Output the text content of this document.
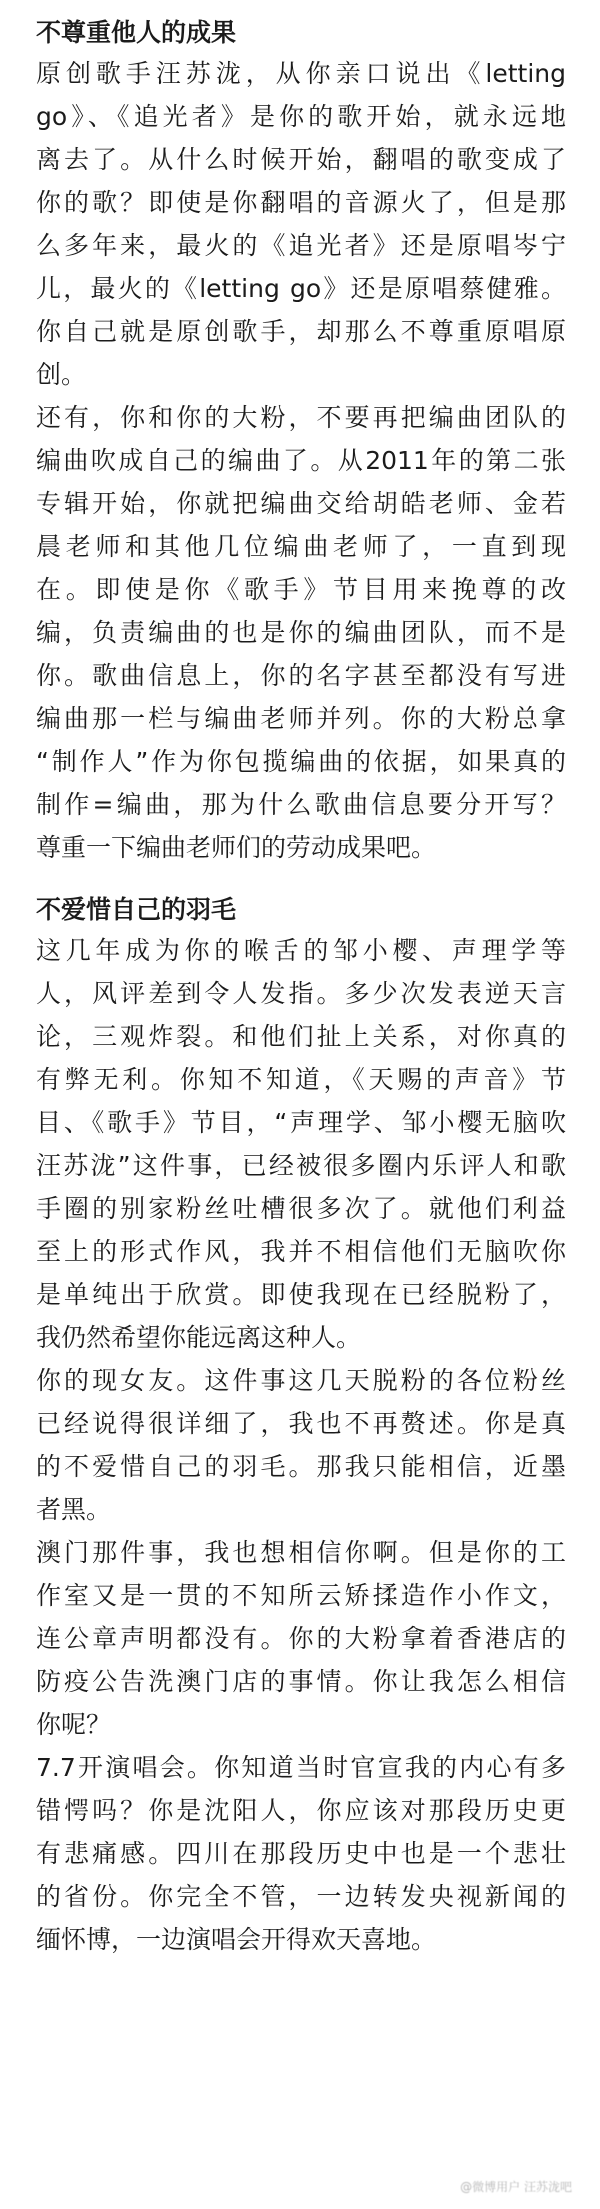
不尊重他人的成果
原创歌手汪苏泷，从你亲口说出《letting
go》、《追光者》是你的歌开始，就永远地
离去了。从什么时候开始，翻唱的歌变成了
你的歌？即使是你翻唱的音源火了，但是那
么多年来，最火的《追光者》还是原唱岑宁
儿，最火的《letting go》还是原唱蔡健雅。
你自己就是原创歌手，却那么不尊重原唱原
创。
还有，你和你的大粉，不要再把编曲团队的
编曲吹成自己的编曲了。从2011年的第二张
专辑开始，你就把编曲交给胡皓老师、金若
晨老师和其他几位编曲老师了，一直到现
在。即使是你《歌手》节目用来挽尊的改
编，负责编曲的也是你的编曲团队，而不是
你。歌曲信息上，你的名字甚至都没有写进
编曲那一栏与编曲老师并列。你的大粉总拿
“制作人”作为你包揽编曲的依据，如果真的
制作=编曲，那为什么歌曲信息要分开写？
尊重一下编曲老师们的劳动成果吧。
不爱惜自己的羽毛
这几年成为你的喉舌的邹小樱、声理学等
人，风评差到令人发指。多少次发表逆天言
论，三观炸裂。和他们扯上关系，对你真的
有弊无利。你知不知道，《天赐的声音》节
目、《歌手》节目，“声理学、邹小樱无脑吹
汪苏泷”这件事，已经被很多圈内乐评人和歌
手圈的别家粉丝吐槽很多次了。就他们利益
至上的形式作风，我并不相信他们无脑吹你
是单纯出于欣赏。即使我现在已经脱粉了，
我仍然希望你能远离这种人。
你的现女友。这件事这几天脱粉的各位粉丝
已经说得很详细了，我也不再赘述。你是真
的不爱惜自己的羽毛。那我只能相信，近墨
者黑。
澳门那件事，我也想相信你啊。但是你的工
作室又是一贯的不知所云矫揉造作小作文，
连公章声明都没有。你的大粉拿着香港店的
防疫公告洗澳门店的事情。你让我怎么相信
你呢？
7.7开演唱会。你知道当时官宣我的内心有多
错愕吗？你是沈阳人，你应该对那段历史更
有悲痛感。四川在那段历史中也是一个悲壮
的省份。你完全不管，一边转发央视新闻的
缅怀博，一边演唱会开得欢天喜地。
@微博用户 汪苏泷吧
